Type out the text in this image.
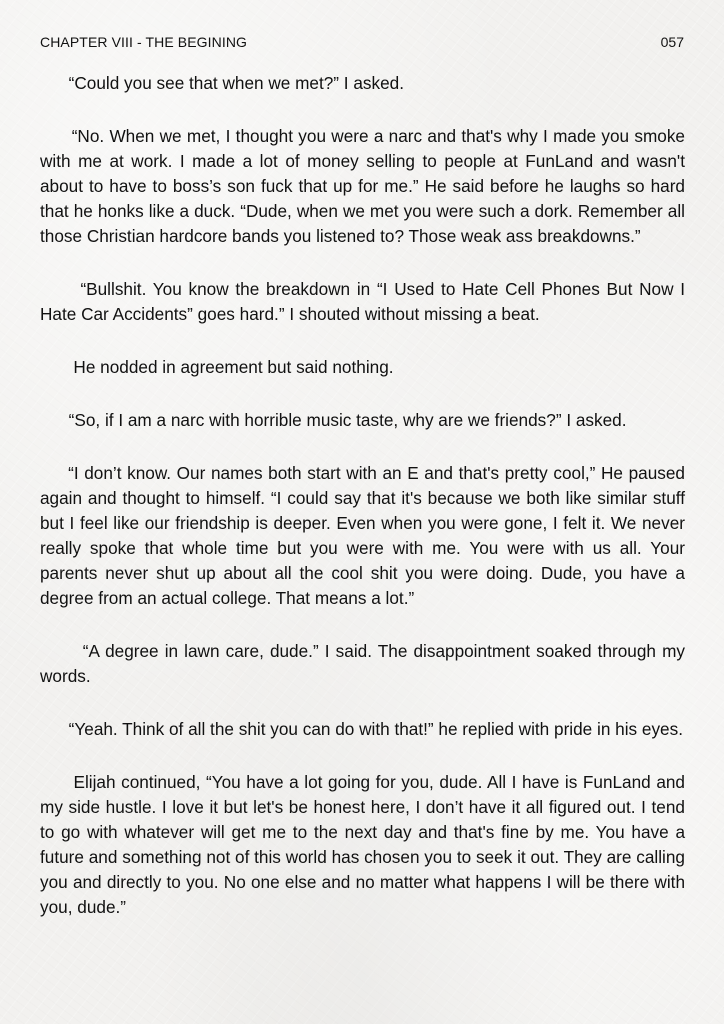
CHAPTER VIII - THE BEGINING	057

“Could you see that when we met?” I asked.

“No. When we met, I thought you were a narc and that's why I made you smoke with me at work. I made a lot of money selling to people at FunLand and wasn't about to have to boss’s son fuck that up for me.” He said before he laughs so hard that he honks like a duck. “Dude, when we met you were such a dork. Remember all those Christian hardcore bands you listened to? Those weak ass breakdowns.”

“Bullshit. You know the breakdown in “I Used to Hate Cell Phones But Now I Hate Car Accidents” goes hard.” I shouted without missing a beat.

He nodded in agreement but said nothing.

“So, if I am a narc with horrible music taste, why are we friends?” I asked.

“I don’t know. Our names both start with an E and that's pretty cool,” He paused again and thought to himself. “I could say that it's because we both like similar stuff but I feel like our friendship is deeper. Even when you were gone, I felt it. We never really spoke that whole time but you were with me. You were with us all. Your parents never shut up about all the cool shit you were doing. Dude, you have a degree from an actual college. That means a lot.”

“A degree in lawn care, dude.” I said. The disappointment soaked through my words.

“Yeah. Think of all the shit you can do with that!” he replied with pride in his eyes.

Elijah continued, “You have a lot going for you, dude. All I have is FunLand and my side hustle. I love it but let's be honest here, I don’t have it all figured out. I tend to go with whatever will get me to the next day and that's fine by me. You have a future and something not of this world has chosen you to seek it out. They are calling you and directly to you. No one else and no matter what happens I will be there with you, dude.”
